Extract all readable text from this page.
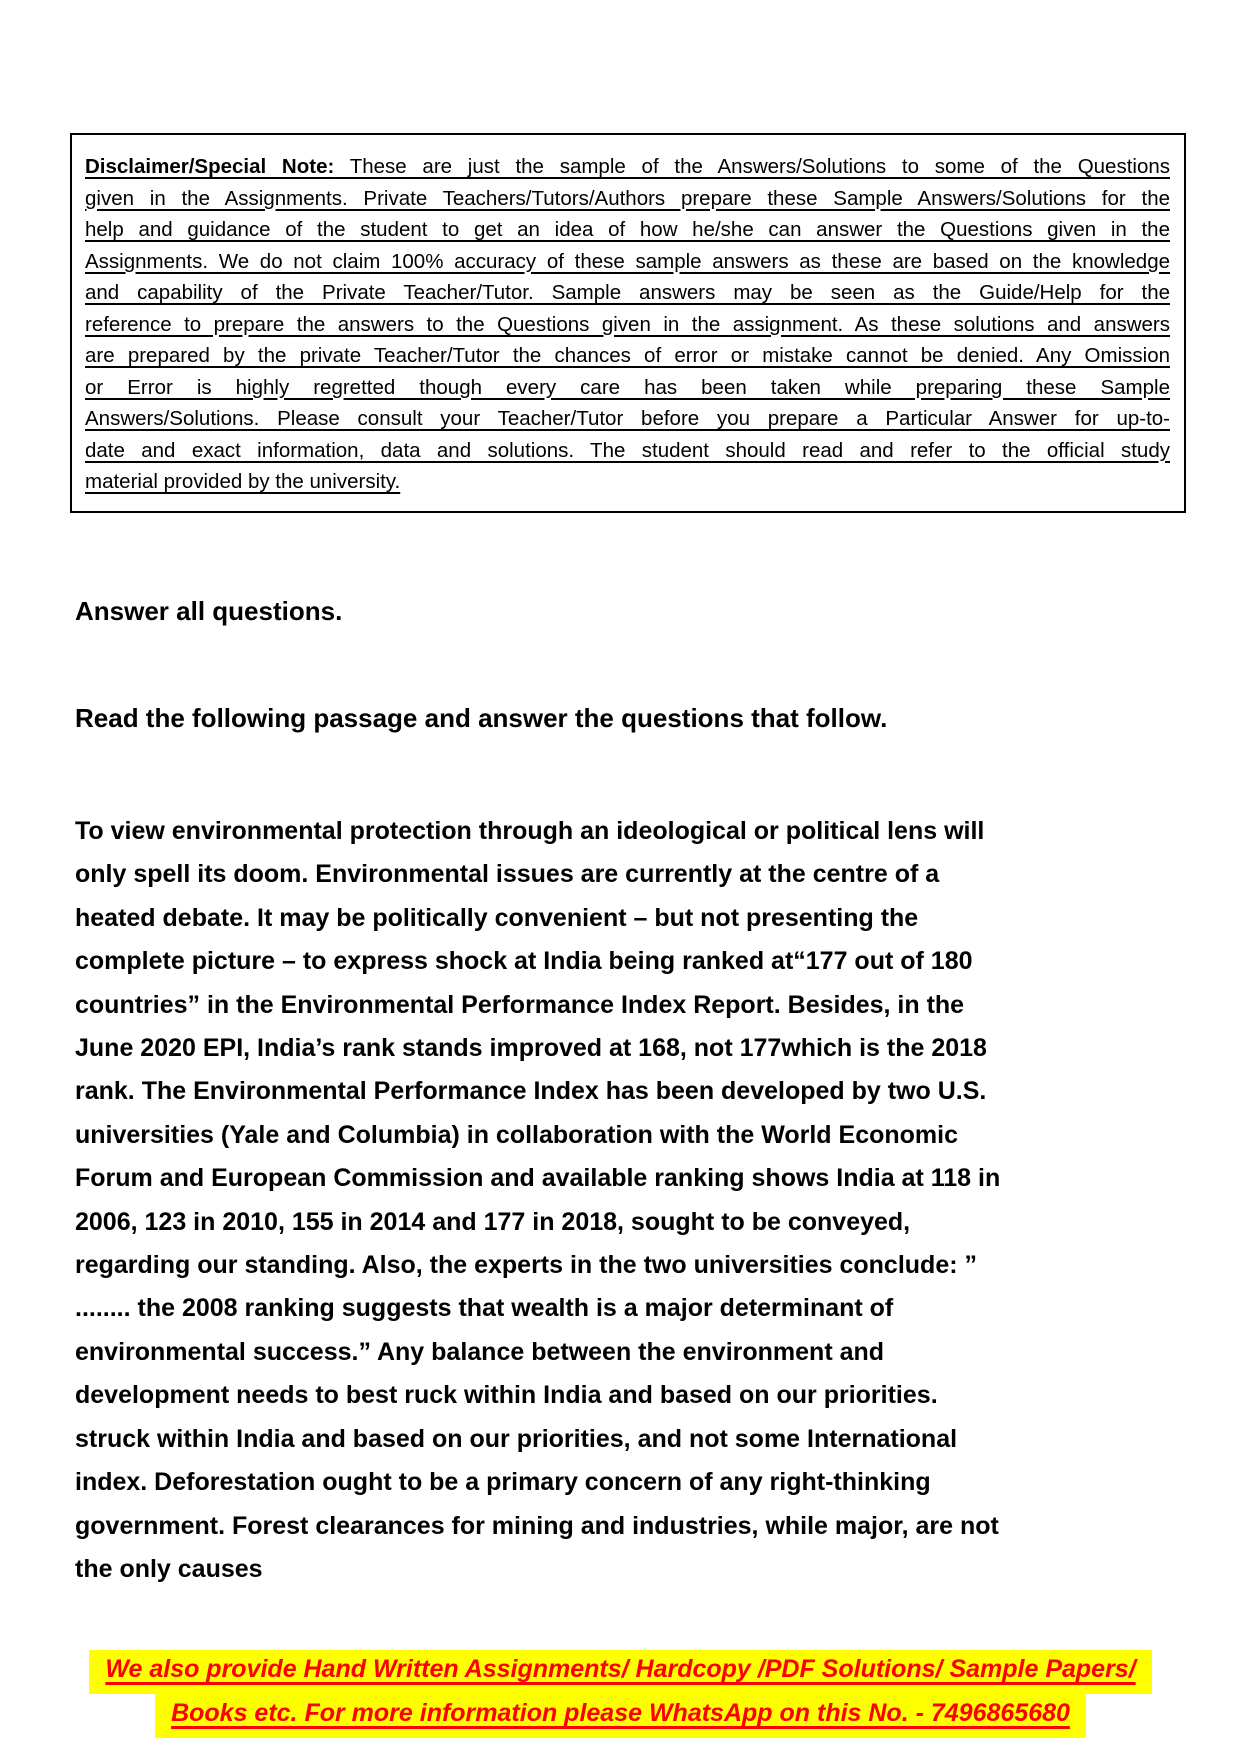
Disclaimer/Special Note: These are just the sample of the Answers/Solutions to some of the Questions
given in the Assignments. Private Teachers/Tutors/Authors prepare these Sample Answers/Solutions for the
help and guidance of the student to get an idea of how he/she can answer the Questions given in the
Assignments. We do not claim 100% accuracy of these sample answers as these are based on the knowledge
and capability of the Private Teacher/Tutor. Sample answers may be seen as the Guide/Help for the
reference to prepare the answers to the Questions given in the assignment. As these solutions and answers
are prepared by the private Teacher/Tutor the chances of error or mistake cannot be denied. Any Omission
or Error is highly regretted though every care has been taken while preparing these Sample
Answers/Solutions. Please consult your Teacher/Tutor before you prepare a Particular Answer for up-to-
date and exact information, data and solutions. The student should read and refer to the official study
material provided by the university.
Answer all questions.
Read the following passage and answer the questions that follow.
To view environmental protection through an ideological or political lens will
only spell its doom. Environmental issues are currently at the centre of a
heated debate. It may be politically convenient – but not presenting the
complete picture – to express shock at India being ranked at“177 out of 180
countries” in the Environmental Performance Index Report. Besides, in the
June 2020 EPI, India’s rank stands improved at 168, not 177which is the 2018
rank. The Environmental Performance Index has been developed by two U.S.
universities (Yale and Columbia) in collaboration with the World Economic
Forum and European Commission and available ranking shows India at 118 in
2006, 123 in 2010, 155 in 2014 and 177 in 2018, sought to be conveyed,
regarding our standing. Also, the experts in the two universities conclude: ”
........ the 2008 ranking suggests that wealth is a major determinant of
environmental success.” Any balance between the environment and
development needs to best ruck within India and based on our priorities.
struck within India and based on our priorities, and not some International
index. Deforestation ought to be a primary concern of any right-thinking
government. Forest clearances for mining and industries, while major, are not
the only causes
We also provide Hand Written Assignments/ Hardcopy /PDF Solutions/ Sample Papers/
Books etc. For more information please WhatsApp on this No. - 7496865680
